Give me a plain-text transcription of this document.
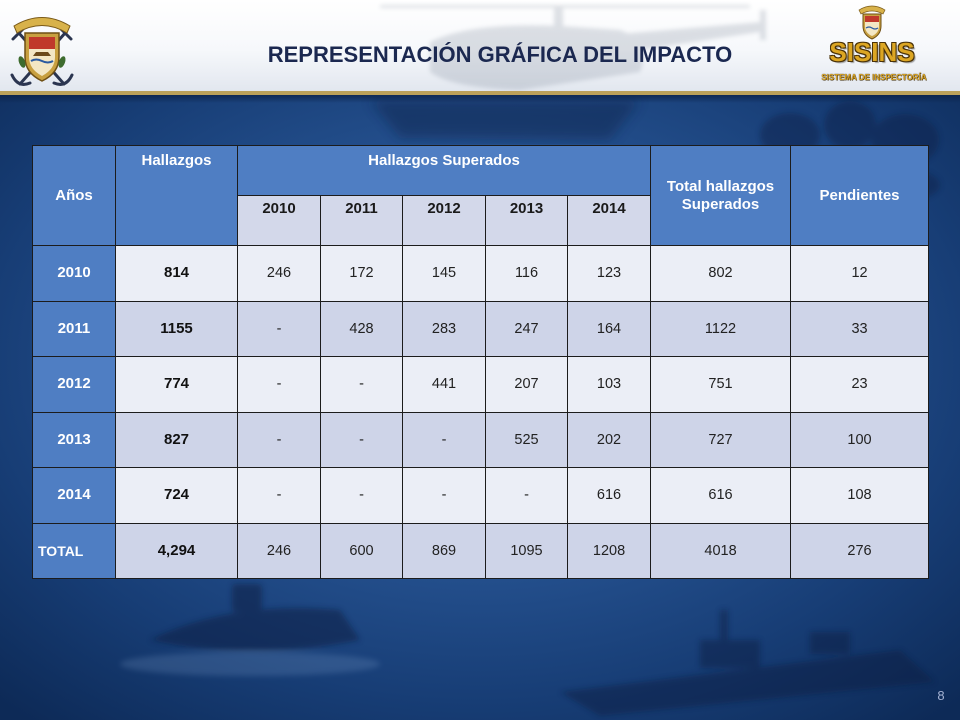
REPRESENTACIÓN GRÁFICA DEL IMPACTO	SISINS
SISTEMA DE INSPECTORÍA
Años	Hallazgos	Hallazgos Superados					Total hallazgos Superados	Pendientes
		2010	2011	2012	2013	2014		
2010	814	246	172	145	116	123	802	12
2011	1155	-	428	283	247	164	1122	33
2012	774	-	-	441	207	103	751	23
2013	827	-	-	-	525	202	727	100
2014	724	-	-	-	-	616	616	108
TOTAL	4,294	246	600	869	1095	1208	4018	276
8
